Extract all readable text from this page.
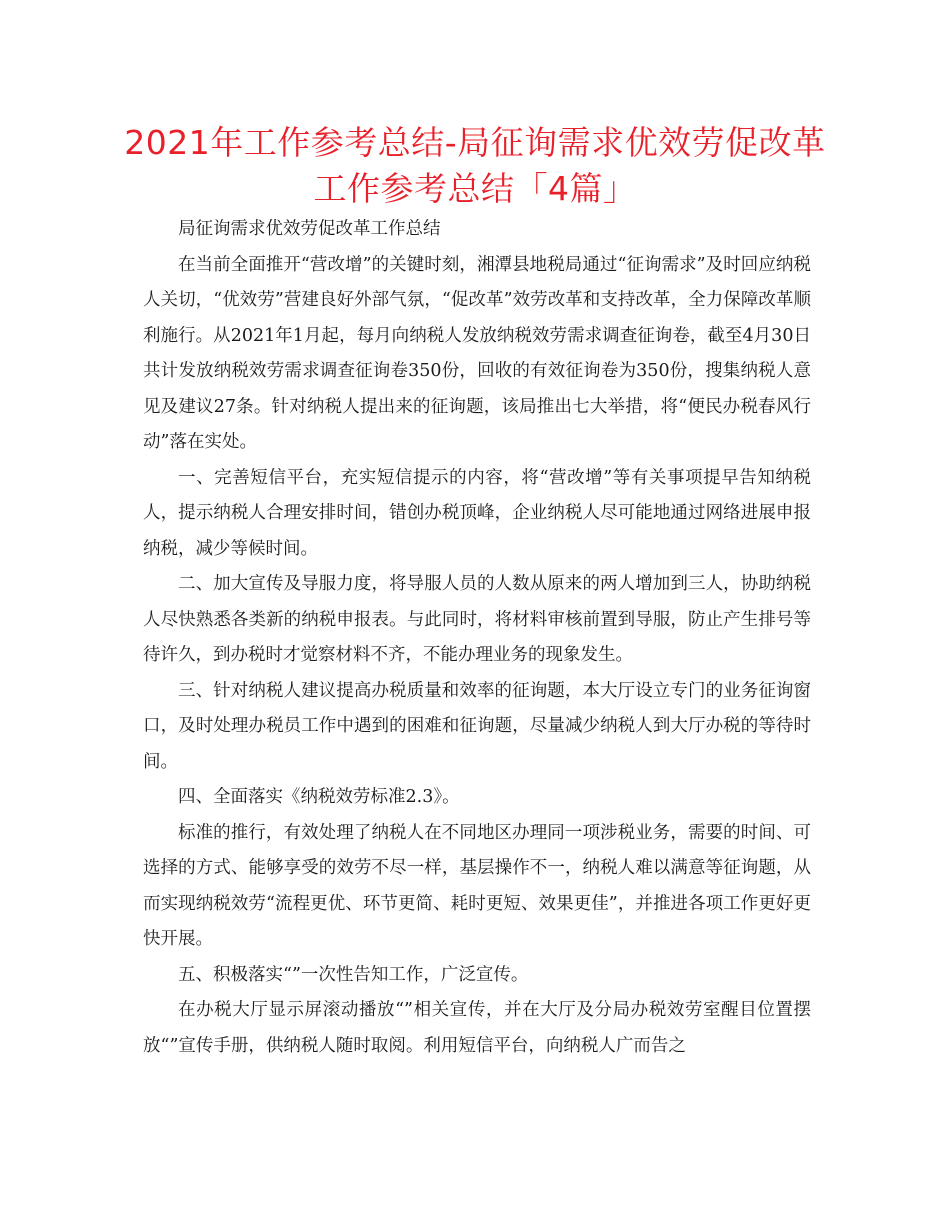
2021年工作参考总结-局征询需求优效劳促改革工作参考总结「4篇」

局征询需求优效劳促改革工作总结

在当前全面推开“营改增”的关键时刻，湘潭县地税局通过“征询需求”及时回应纳税人关切，“优效劳”营建良好外部气氛，“促改革”效劳改革和支持改革，全力保障改革顺利施行。从2021年1月起，每月向纳税人发放纳税效劳需求调查征询卷，截至4月30日共计发放纳税效劳需求调查征询卷350份，回收的有效征询卷为350份，搜集纳税人意见及建议27条。针对纳税人提出来的征询题，该局推出七大举措，将“便民办税春风行动”落在实处。

一、完善短信平台，充实短信提示的内容，将“营改增”等有关事项提早告知纳税人，提示纳税人合理安排时间，错创办税顶峰，企业纳税人尽可能地通过网络进展申报纳税，减少等候时间。

二、加大宣传及导服力度，将导服人员的人数从原来的两人增加到三人，协助纳税人尽快熟悉各类新的纳税申报表。与此同时，将材料审核前置到导服，防止产生排号等待许久，到办税时才觉察材料不齐，不能办理业务的现象发生。

三、针对纳税人建议提高办税质量和效率的征询题，本大厅设立专门的业务征询窗口，及时处理办税员工作中遇到的困难和征询题，尽量减少纳税人到大厅办税的等待时间。

四、全面落实《纳税效劳标准2.3》。

标准的推行，有效处理了纳税人在不同地区办理同一项涉税业务，需要的时间、可选择的方式、能够享受的效劳不尽一样，基层操作不一，纳税人难以满意等征询题，从而实现纳税效劳“流程更优、环节更简、耗时更短、效果更佳”，并推进各项工作更好更快开展。

五、积极落实“”一次性告知工作，广泛宣传。

在办税大厅显示屏滚动播放“”相关宣传，并在大厅及分局办税效劳室醒目位置摆放“”宣传手册，供纳税人随时取阅。利用短信平台，向纳税人广而告之
